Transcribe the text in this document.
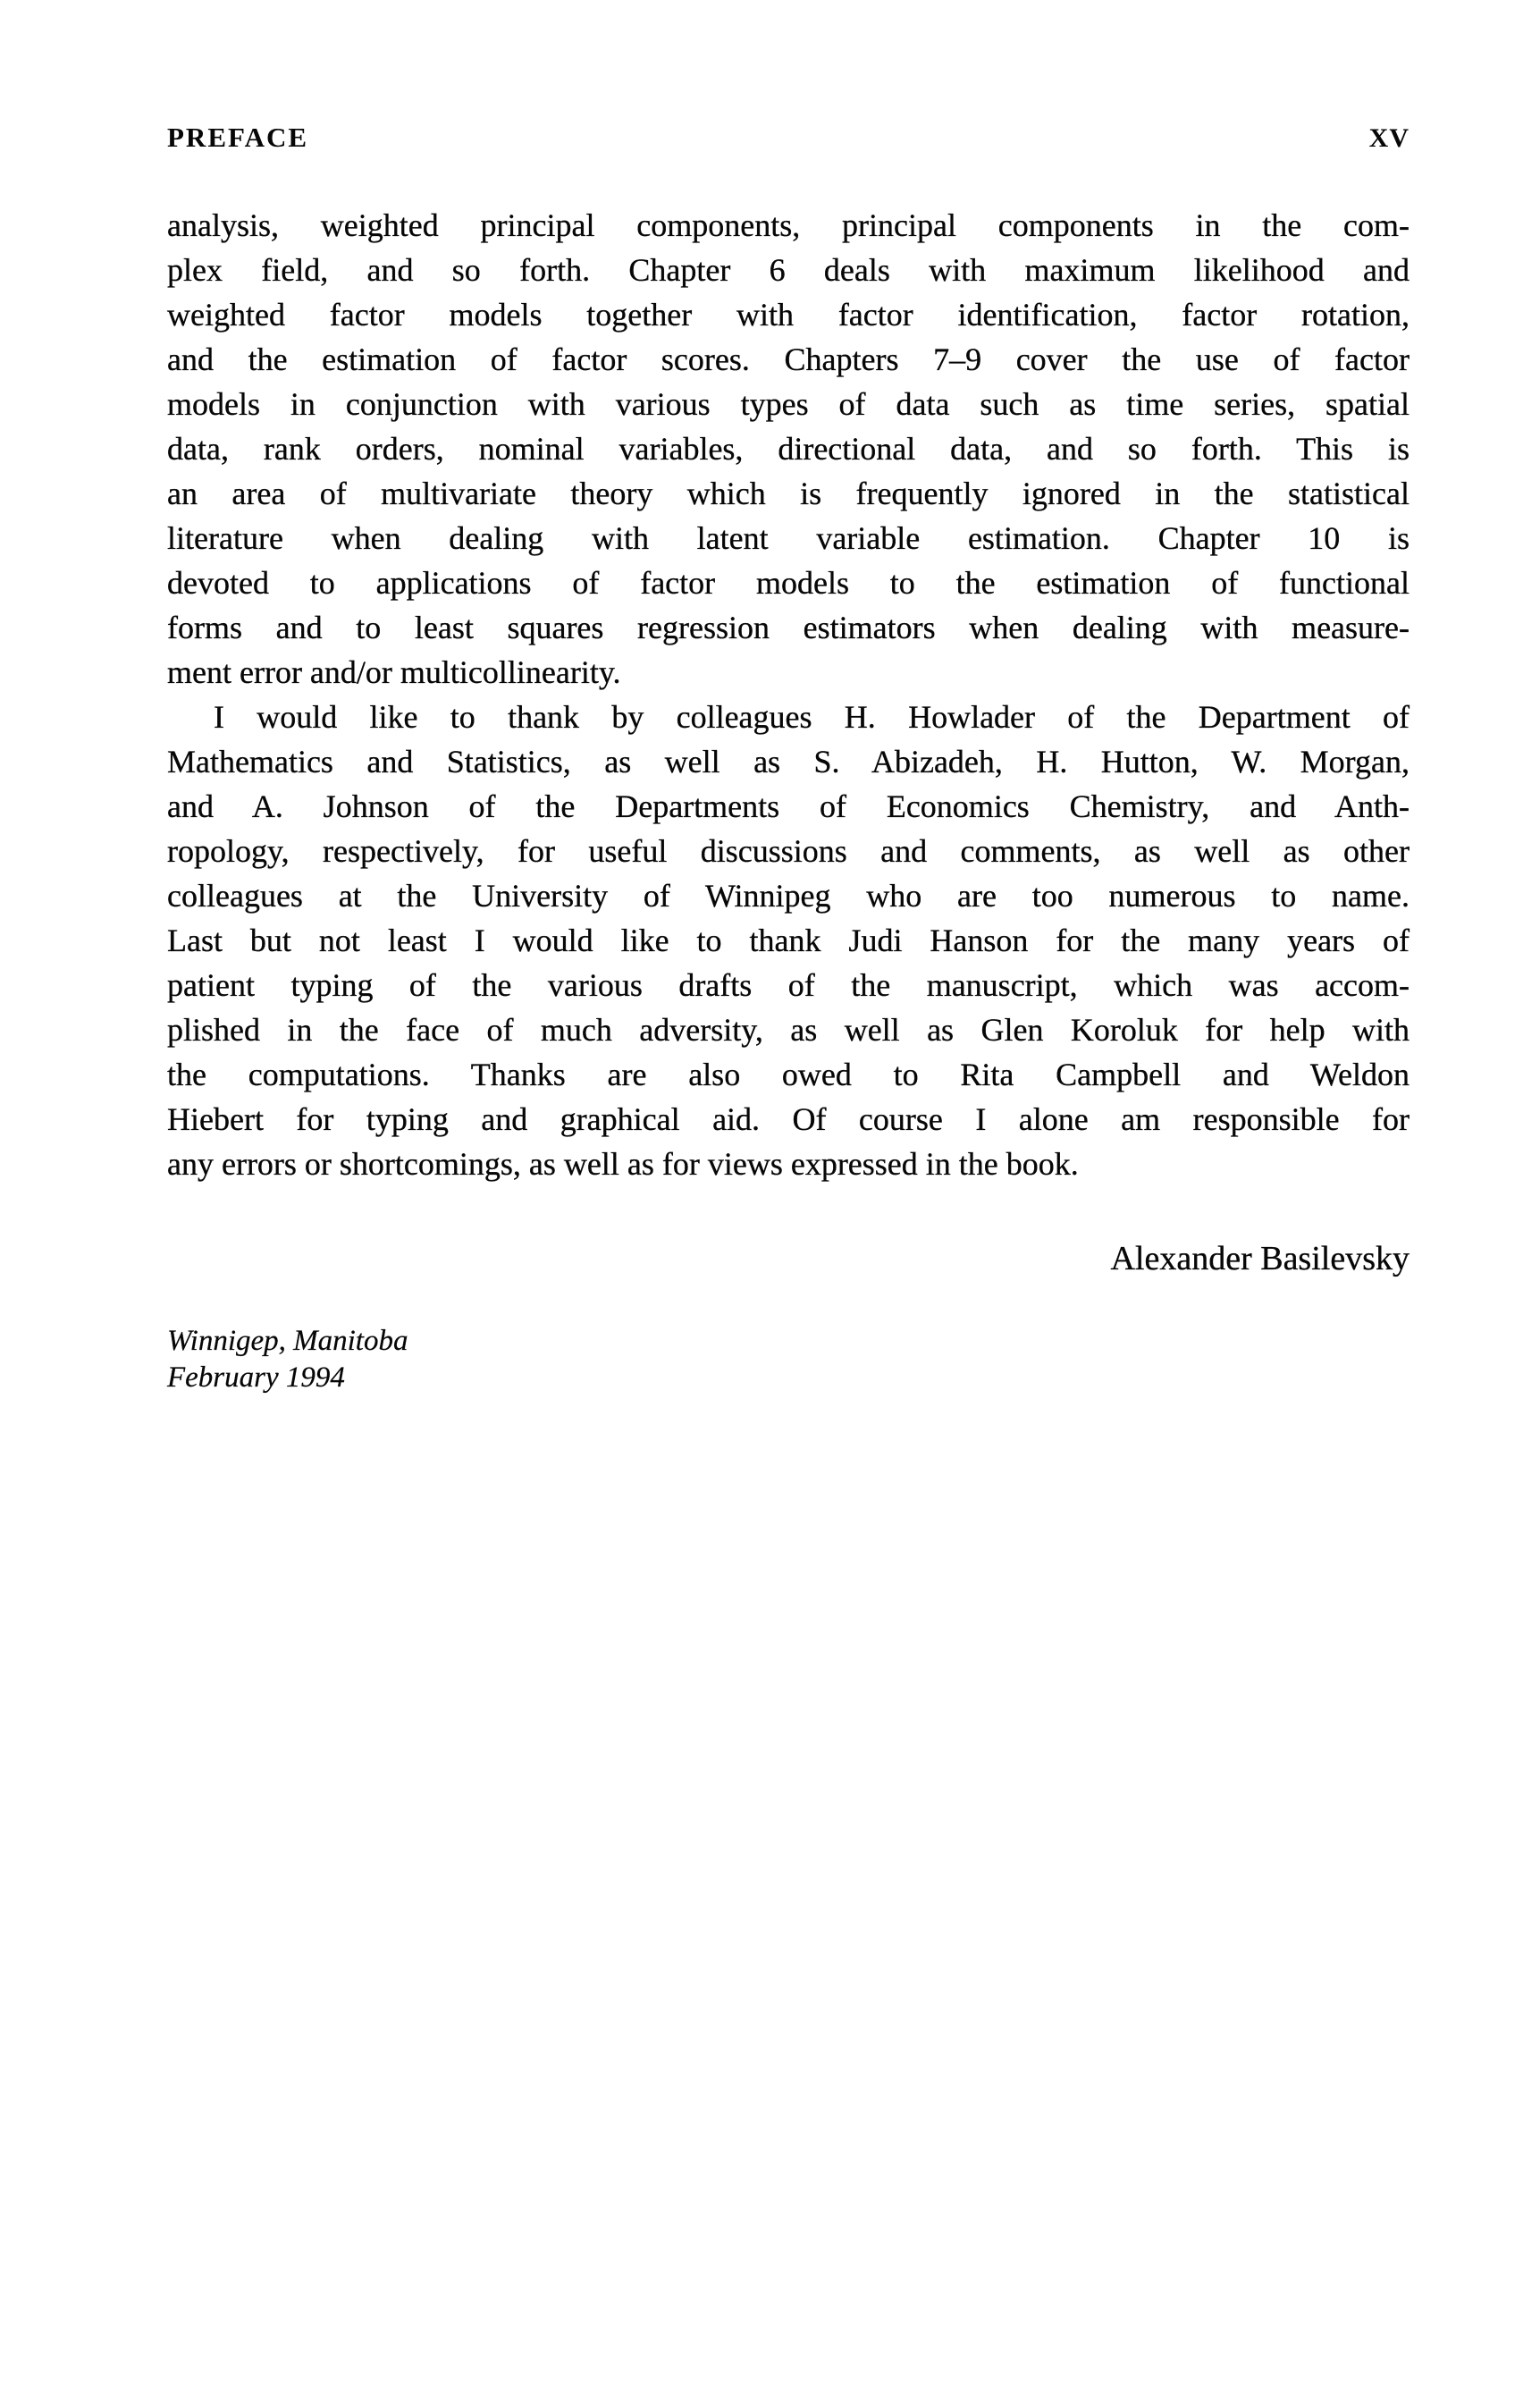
PREFACE	XV
analysis, weighted principal components, principal components in the com-
plex field, and so forth. Chapter 6 deals with maximum likelihood and
weighted factor models together with factor identification, factor rotation,
and the estimation of factor scores. Chapters 7–9 cover the use of factor
models in conjunction with various types of data such as time series, spatial
data, rank orders, nominal variables, directional data, and so forth. This is
an area of multivariate theory which is frequently ignored in the statistical
literature when dealing with latent variable estimation. Chapter 10 is
devoted to applications of factor models to the estimation of functional
forms and to least squares regression estimators when dealing with measure-
ment error and/or multicollinearity.
I would like to thank by colleagues H. Howlader of the Department of
Mathematics and Statistics, as well as S. Abizadeh, H. Hutton, W. Morgan,
and A. Johnson of the Departments of Economics Chemistry, and Anth-
ropology, respectively, for useful discussions and comments, as well as other
colleagues at the University of Winnipeg who are too numerous to name.
Last but not least I would like to thank Judi Hanson for the many years of
patient typing of the various drafts of the manuscript, which was accom-
plished in the face of much adversity, as well as Glen Koroluk for help with
the computations. Thanks are also owed to Rita Campbell and Weldon
Hiebert for typing and graphical aid. Of course I alone am responsible for
any errors or shortcomings, as well as for views expressed in the book.
Alexander Basilevsky
Winnigep, Manitoba
February 1994
